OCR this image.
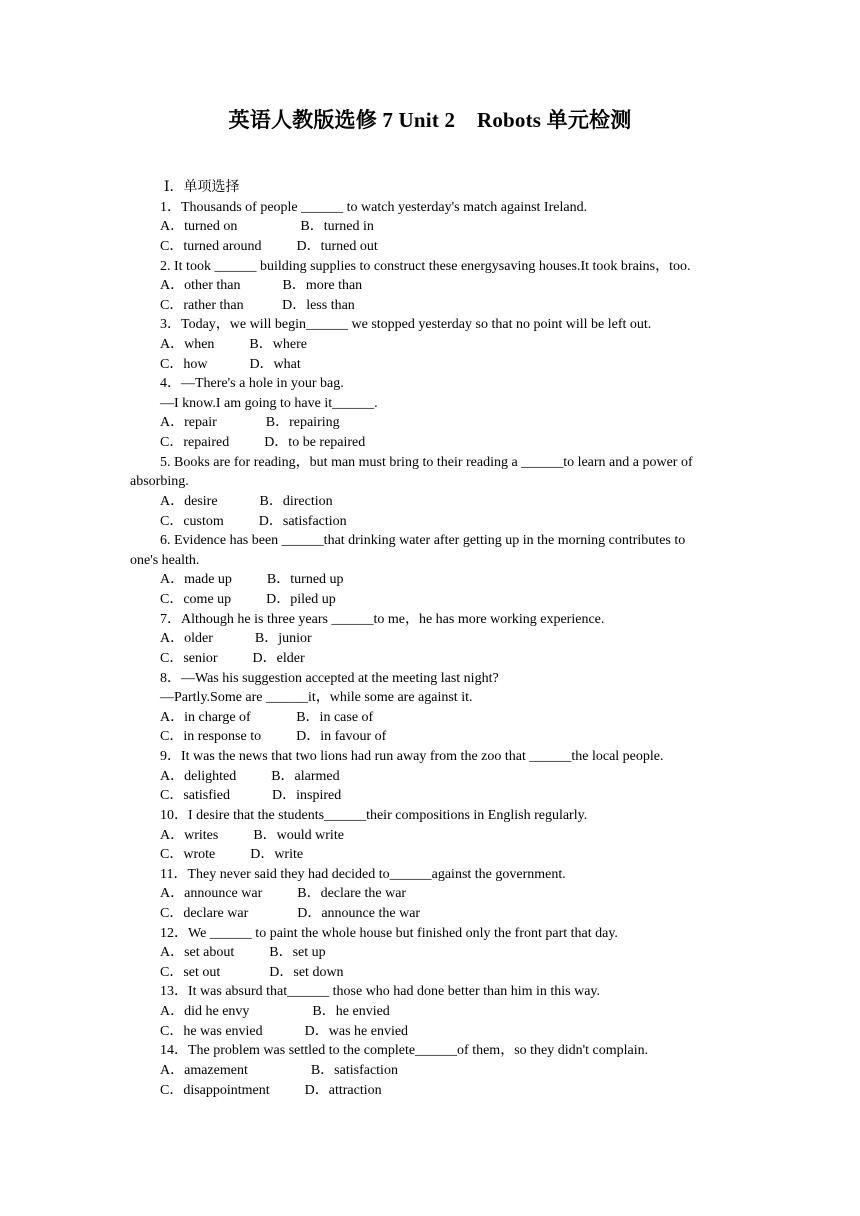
英语人教版选修 7 Unit 2    Robots 单元检测
Ⅰ．单项选择
1．Thousands of people ______ to watch yesterday's match against Ireland.
A．turned on                  B．turned in
C．turned around          D．turned out
2. It took ______ building supplies to construct these energysaving houses.It took brains，too.
A．other than            B．more than
C．rather than           D．less than
3．Today，we will begin______ we stopped yesterday so that no point will be left out.
A．when          B．where
C．how            D．what
4．—There's a hole in your bag.
—I know.I am going to have it______.
A．repair              B．repairing
C．repaired          D．to be repaired
5. Books are for reading，but man must bring to their reading a ______to learn and a power of
absorbing.
A．desire            B．direction
C．custom          D．satisfaction
6. Evidence has been ______that drinking water after getting up in the morning contributes to
one's health.
A．made up          B．turned up
C．come up          D．piled up
7．Although he is three years ______to me，he has more working experience.
A．older            B．junior
C．senior          D．elder
8．—Was his suggestion accepted at the meeting last night?
—Partly.Some are ______it，while some are against it.
A．in charge of             B．in case of
C．in response to          D．in favour of
9．It was the news that two lions had run away from the zoo that ______the local people.
A．delighted          B．alarmed
C．satisfied            D．inspired
10．I desire that the students______their compositions in English regularly.
A．writes          B．would write
C．wrote          D．write
11．They never said they had decided to______against the government.
A．announce war          B．declare the war
C．declare war              D．announce the war
12．We ______ to paint the whole house but finished only the front part that day.
A．set about          B．set up
C．set out              D．set down
13．It was absurd that______ those who had done better than him in this way.
A．did he envy                  B．he envied
C．he was envied            D．was he envied
14．The problem was settled to the complete______of them，so they didn't complain.
A．amazement                  B．satisfaction
C．disappointment          D．attraction
